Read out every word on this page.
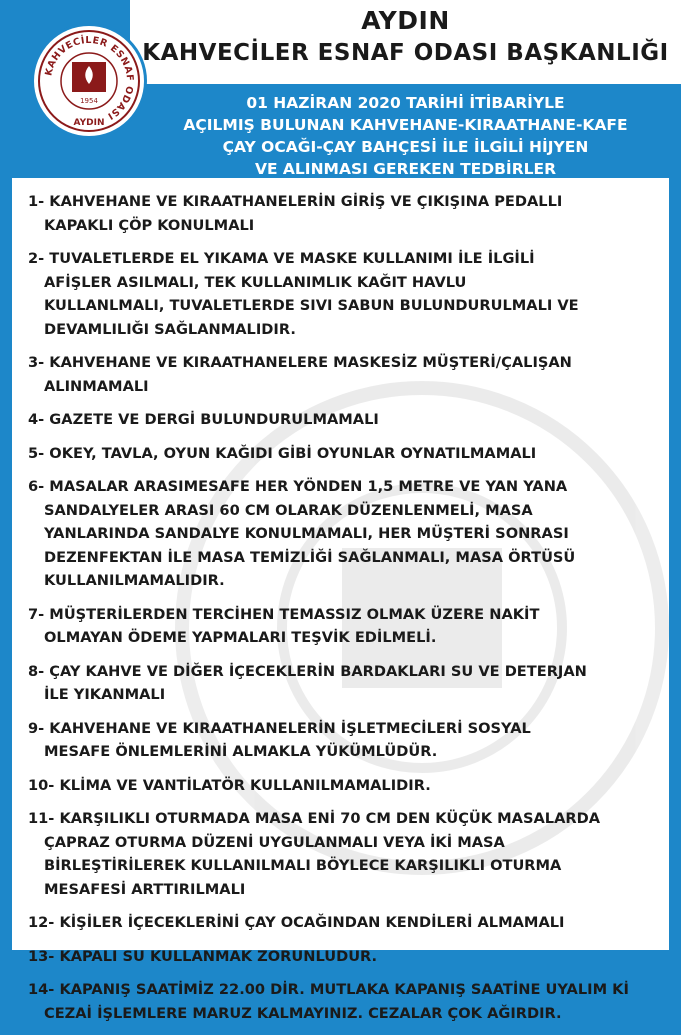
AYDIN
KAHVECİLER ESNAF ODASI BAŞKANLIĞI
KAHVECİLER ESNAF ODASI
1954
AYDIN
01 HAZİRAN 2020 TARİHİ İTİBARİYLE
AÇILMIŞ BULUNAN KAHVEHANE-KIRAATHANE-KAFE
ÇAY OCAĞI-ÇAY BAHÇESİ İLE İLGİLİ HİJYEN
VE ALINMASI GEREKEN TEDBİRLER
1- KAHVEHANE VE KIRAATHANELERİN GİRİŞ VE ÇIKIŞINA PEDALLI
KAPAKLI ÇÖP KONULMALI
2- TUVALETLERDE EL YIKAMA VE MASKE KULLANIMI İLE İLGİLİ
AFİŞLER ASILMALI, TEK KULLANIMLIK KAĞIT HAVLU
KULLANLMALI, TUVALETLERDE SIVI SABUN BULUNDURULMALI VE
DEVAMLILIĞI SAĞLANMALIDIR.
3- KAHVEHANE VE KIRAATHANELERE MASKESİZ MÜŞTERİ/ÇALIŞAN
ALINMAMALI
4- GAZETE VE DERGİ BULUNDURULMAMALI
5- OKEY, TAVLA, OYUN KAĞIDI GİBİ OYUNLAR OYNATILMAMALI
6- MASALAR ARASIMESAFE HER YÖNDEN 1,5 METRE VE YAN YANA
SANDALYELER ARASI 60 CM OLARAK DÜZENLENMELİ, MASA
YANLARINDA SANDALYE KONULMAMALI, HER MÜŞTERİ SONRASI
DEZENFEKTAN İLE MASA TEMİZLİĞİ SAĞLANMALI, MASA ÖRTÜSÜ
KULLANILMAMALIDIR.
7- MÜŞTERİLERDEN TERCİHEN TEMASSIZ OLMAK ÜZERE NAKİT
OLMAYAN ÖDEME YAPMALARI TEŞVİK EDİLMELİ.
8- ÇAY KAHVE VE DİĞER İÇECEKLERİN BARDAKLARI SU VE DETERJAN
İLE YIKANMALI
9- KAHVEHANE VE KIRAATHANELERİN İŞLETMECİLERİ SOSYAL
MESAFE ÖNLEMLERİNİ ALMAKLA YÜKÜMLÜDÜR.
10- KLİMA VE VANTİLATÖR KULLANILMAMALIDIR.
11- KARŞILIKLI OTURMADA MASA ENİ 70 CM DEN KÜÇÜK MASALARDA
ÇAPRAZ OTURMA DÜZENİ UYGULANMALI VEYA İKİ MASA
BİRLEŞTİRİLEREK KULLANILMALI BÖYLECE KARŞILIKLI OTURMA
MESAFESİ ARTTIRILMALI
12- KİŞİLER İÇECEKLERİNİ ÇAY OCAĞINDAN KENDİLERİ ALMAMALI
13- KAPALI SU KULLANMAK ZORUNLUDUR.
14- KAPANIŞ SAATİMİZ 22.00 DİR. MUTLAKA KAPANIŞ SAATİNE UYALIM Kİ
CEZAİ İŞLEMLERE MARUZ KALMAYINIZ. CEZALAR ÇOK AĞIRDIR.
